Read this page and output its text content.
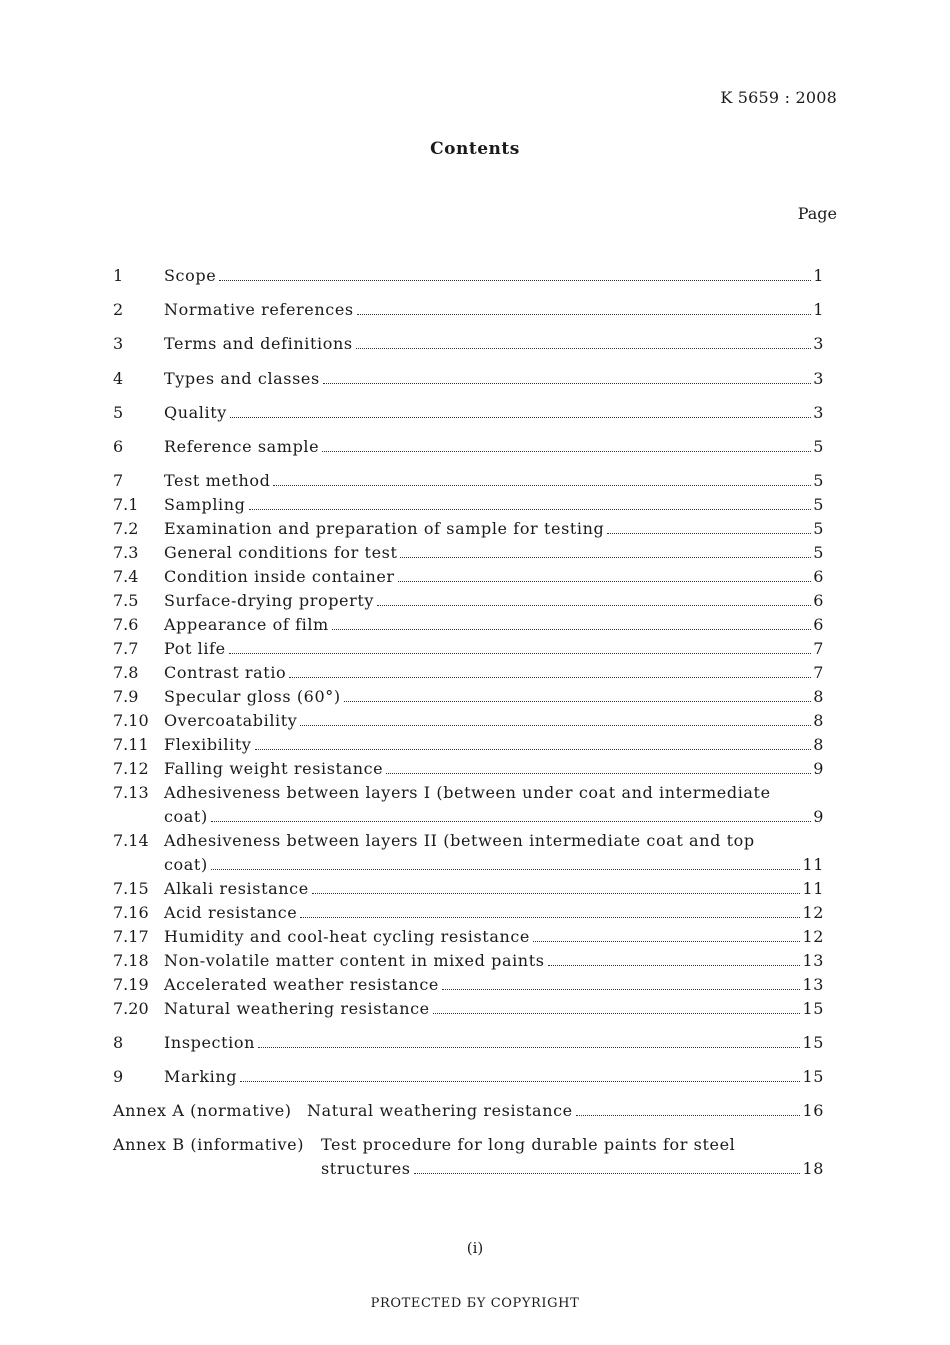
K 5659 : 2008
Contents
Page
1	Scope	1
2	Normative references	1
3	Terms and definitions	3
4	Types and classes	3
5	Quality	3
6	Reference sample	5
7	Test method	5
7.1 Sampling	5
7.2 Examination and preparation of sample for testing	5
7.3 General conditions for test	5
7.4 Condition inside container	6
7.5 Surface-drying property	6
7.6 Appearance of film	6
7.7 Pot life	7
7.8 Contrast ratio	7
7.9 Specular gloss (60°)	8
7.10 Overcoatability	8
7.11 Flexibility	8
7.12 Falling weight resistance	9
7.13 Adhesiveness between layers I (between under coat and intermediate
coat)	9
7.14 Adhesiveness between layers II (between intermediate coat and top
coat)	11
7.15 Alkali resistance	11
7.16 Acid resistance	12
7.17 Humidity and cool-heat cycling resistance	12
7.18 Non-volatile matter content in mixed paints	13
7.19 Accelerated weather resistance	13
7.20 Natural weathering resistance	15
8	Inspection	15
9	Marking	15
Annex A (normative) Natural weathering resistance	16
Annex B (informative) Test procedure for long durable paints for steel
structures	18
(i)
PROTECTED БY COPYRIGHT
